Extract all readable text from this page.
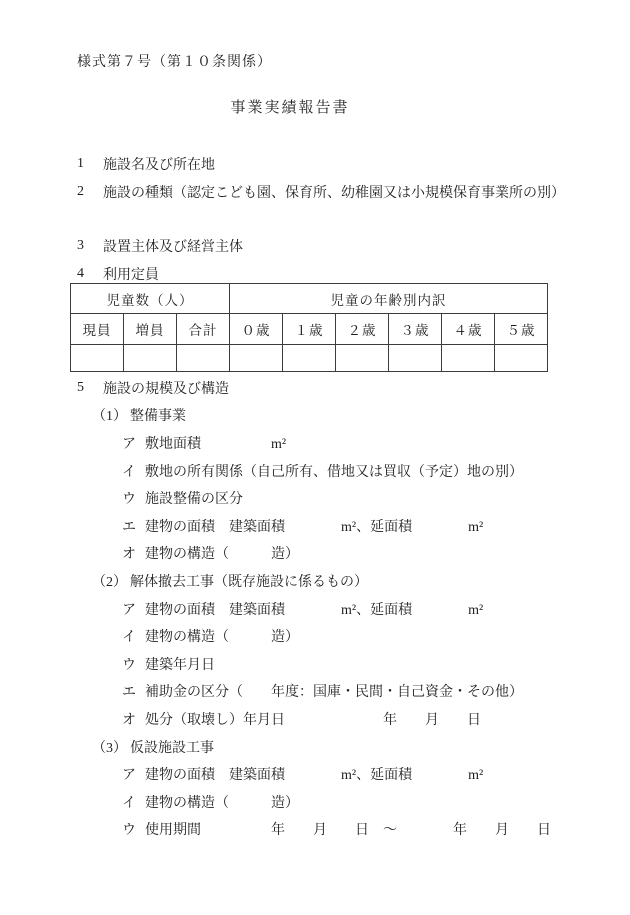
様式第７号（第１０条関係）
事業実績報告書
1	施設名及び所在地
2	施設の種類（認定こども園、保育所、幼稚園又は小規模保育事業所の別）
3	設置主体及び経営主体
4	利用定員
児童数（人）			児童の年齢別内訳					
現員	増員	合計	０歳	１歳	２歳	３歳	４歳	５歳

5	施設の規模及び構造
（1） 整備事業
ア 敷地面積　　　　　m²
イ 敷地の所有関係（自己所有、借地又は買収（予定）地の別）
ウ 施設整備の区分
エ 建物の面積　建築面積　　　　m²、延面積　　　　m²
オ 建物の構造（　　　造）
（2） 解体撤去工事（既存施設に係るもの）
ア 建物の面積　建築面積　　　　m²、延面積　　　　m²
イ 建物の構造（　　　造）
ウ 建築年月日
エ 補助金の区分（　　年度：国庫・民間・自己資金・その他）
オ 処分（取壊し）年月日　　　　　　　年　　月　　日
（3） 仮設施設工事
ア 建物の面積　建築面積　　　　m²、延面積　　　　m²
イ 建物の構造（　　　造）
ウ 使用期間　　　　　年　　月　　日　～　　　　年　　月　　日
